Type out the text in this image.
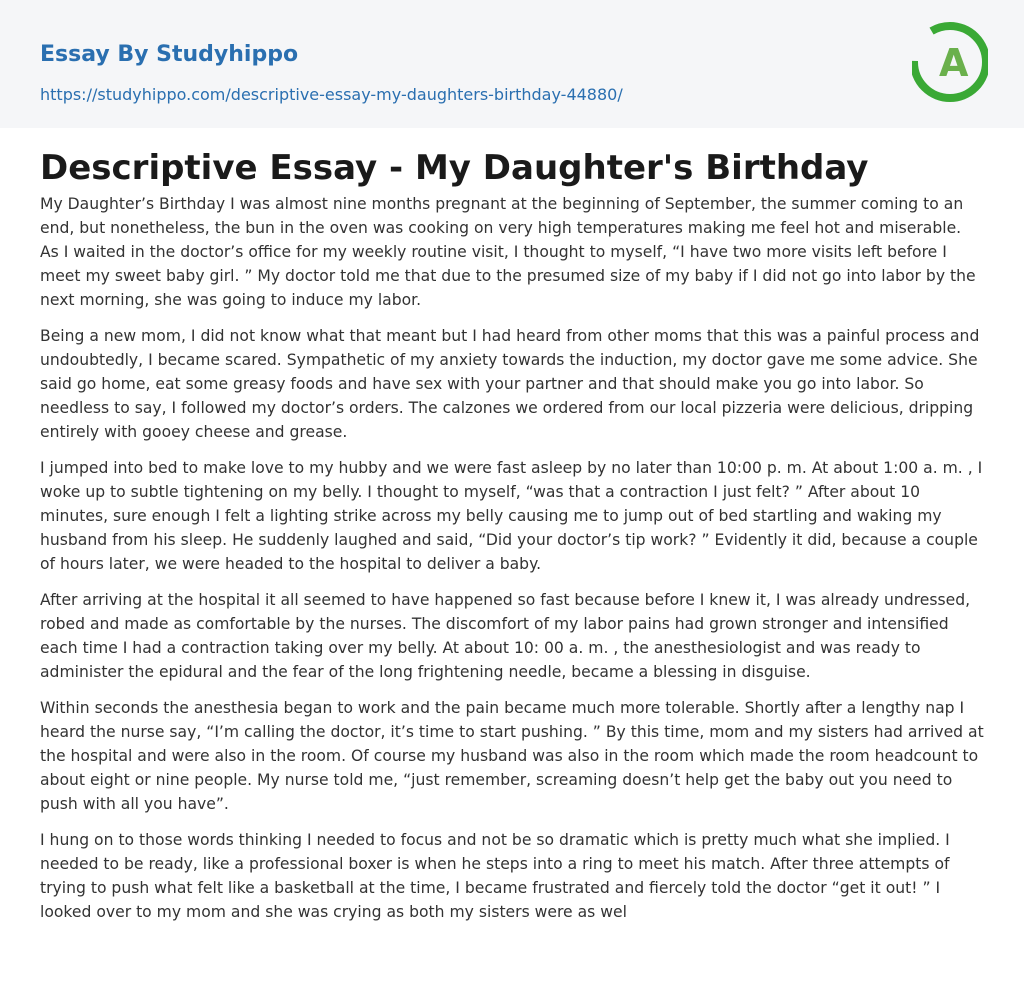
Essay By Studyhippo
https://studyhippo.com/descriptive-essay-my-daughters-birthday-44880/
A
Descriptive Essay - My Daughter's Birthday

My Daughter’s Birthday I was almost nine months pregnant at the beginning of September, the summer coming to an end, but nonetheless, the bun in the oven was cooking on very high temperatures making me feel hot and miserable. As I waited in the doctor’s office for my weekly routine visit, I thought to myself, “I have two more visits left before I meet my sweet baby girl. ” My doctor told me that due to the presumed size of my baby if I did not go into labor by the next morning, she was going to induce my labor.

Being a new mom, I did not know what that meant but I had heard from other moms that this was a painful process and undoubtedly, I became scared. Sympathetic of my anxiety towards the induction, my doctor gave me some advice. She said go home, eat some greasy foods and have sex with your partner and that should make you go into labor. So needless to say, I followed my doctor’s orders. The calzones we ordered from our local pizzeria were delicious, dripping entirely with gooey cheese and grease.

I jumped into bed to make love to my hubby and we were fast asleep by no later than 10:00 p. m. At about 1:00 a. m. , I woke up to subtle tightening on my belly. I thought to myself, “was that a contraction I just felt? ” After about 10 minutes, sure enough I felt a lighting strike across my belly causing me to jump out of bed startling and waking my husband from his sleep. He suddenly laughed and said, “Did your doctor’s tip work? ” Evidently it did, because a couple of hours later, we were headed to the hospital to deliver a baby.

After arriving at the hospital it all seemed to have happened so fast because before I knew it, I was already undressed, robed and made as comfortable by the nurses. The discomfort of my labor pains had grown stronger and intensified each time I had a contraction taking over my belly. At about 10: 00 a. m. , the anesthesiologist and was ready to administer the epidural and the fear of the long frightening needle, became a blessing in disguise.

Within seconds the anesthesia began to work and the pain became much more tolerable. Shortly after a lengthy nap I heard the nurse say, “I’m calling the doctor, it’s time to start pushing. ” By this time, mom and my sisters had arrived at the hospital and were also in the room. Of course my husband was also in the room which made the room headcount to about eight or nine people. My nurse told me, “just remember, screaming doesn’t help get the baby out you need to push with all you have”.

I hung on to those words thinking I needed to focus and not be so dramatic which is pretty much what she implied. I needed to be ready, like a professional boxer is when he steps into a ring to meet his match. After three attempts of trying to push what felt like a basketball at the time, I became frustrated and fiercely told the doctor “get it out! ” I looked over to my mom and she was crying as both my sisters were as wel
